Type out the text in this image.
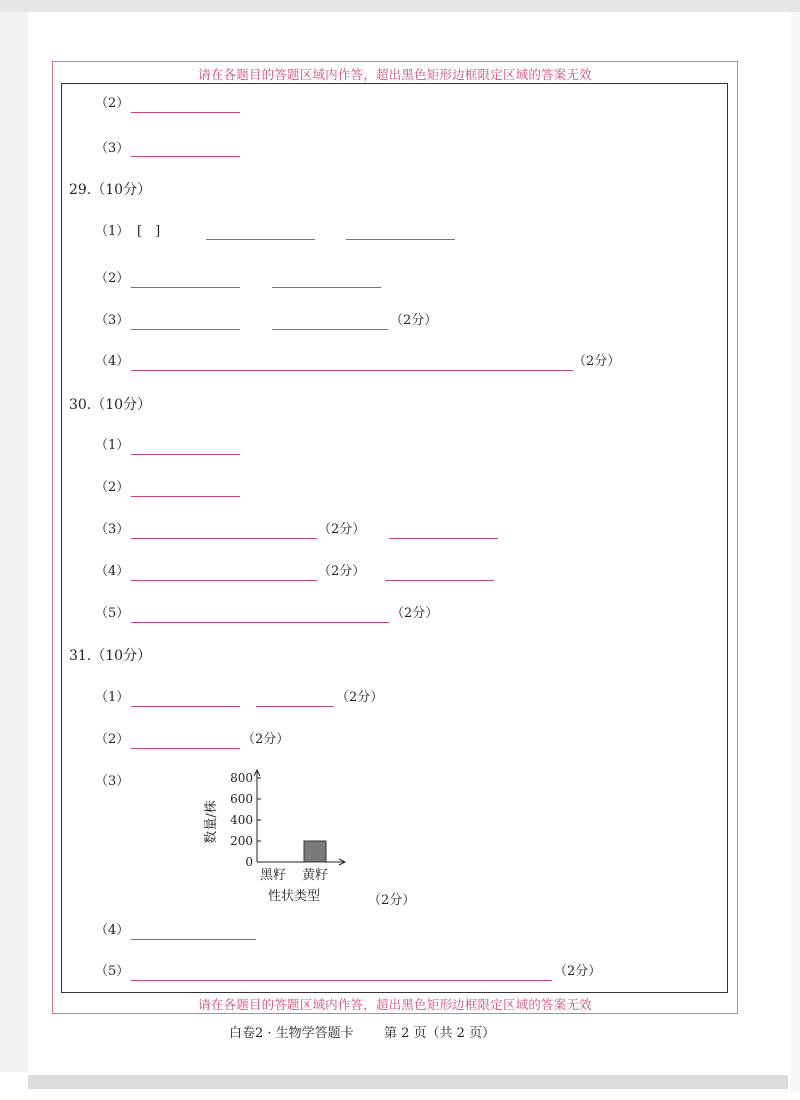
请在各题目的答题区域内作答，超出黑色矩形边框限定区域的答案无效
请在各题目的答题区域内作答，超出黑色矩形边框限定区域的答案无效
（2）
（3）
29.（10分）
（1） [　]
（2）
（3）	（2分）
（4）	（2分）
30.（10分）
（1）
（2）
（3）	（2分）
（4）	（2分）
（5）	（2分）
31.（10分）
（1）	（2分）
（2）	（2分）
（3）
0
200
400
600
800
数量/株
黑籽 黄籽
性状类型	（2分）
（4）
（5）	（2分）
白卷2 · 生物学答题卡 第 2 页（共 2 页）
